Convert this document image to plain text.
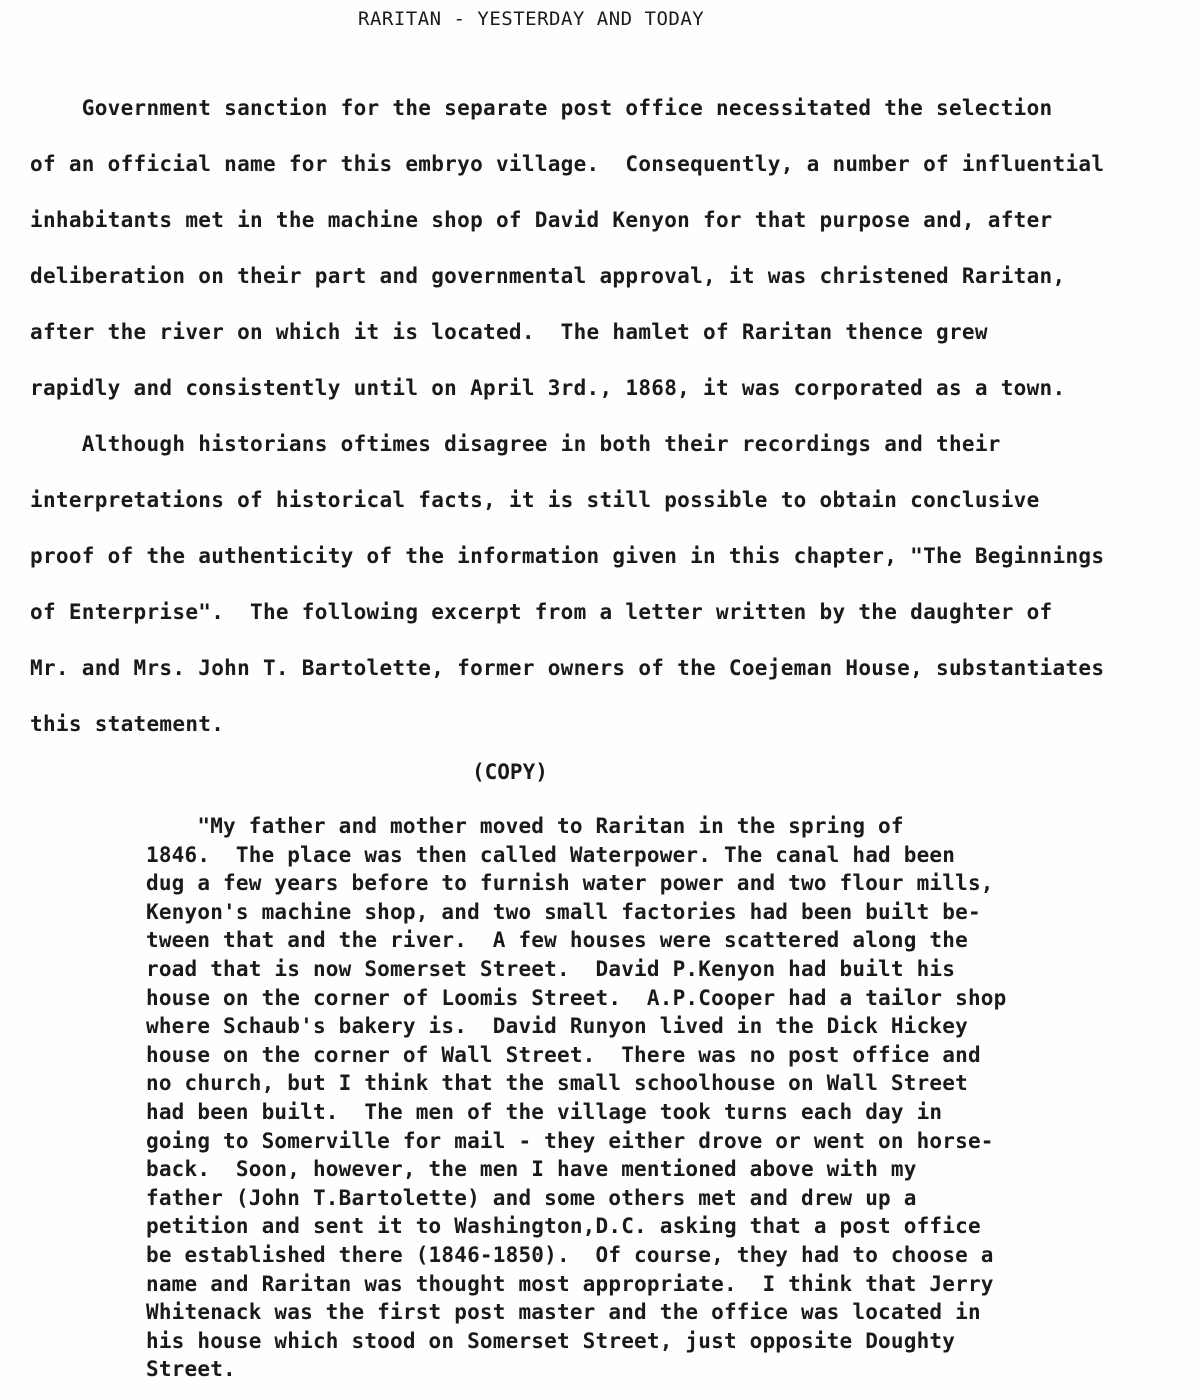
RARITAN - YESTERDAY AND TODAY
Government sanction for the separate post office necessitated the selection
of an official name for this embryo village.  Consequently, a number of influential
inhabitants met in the machine shop of David Kenyon for that purpose and, after
deliberation on their part and governmental approval, it was christened Raritan,
after the river on which it is located.  The hamlet of Raritan thence grew
rapidly and consistently until on April 3rd., 1868, it was corporated as a town.
Although historians oftimes disagree in both their recordings and their
interpretations of historical facts, it is still possible to obtain conclusive
proof of the authenticity of the information given in this chapter, "The Beginnings
of Enterprise".  The following excerpt from a letter written by the daughter of
Mr. and Mrs. John T. Bartolette, former owners of the Coejeman House, substantiates
this statement.
(COPY)
"My father and mother moved to Raritan in the spring of
1846.  The place was then called Waterpower. The canal had been
dug a few years before to furnish water power and two flour mills,
Kenyon's machine shop, and two small factories had been built be-
tween that and the river.  A few houses were scattered along the
road that is now Somerset Street.  David P.Kenyon had built his
house on the corner of Loomis Street.  A.P.Cooper had a tailor shop
where Schaub's bakery is.  David Runyon lived in the Dick Hickey
house on the corner of Wall Street.  There was no post office and
no church, but I think that the small schoolhouse on Wall Street
had been built.  The men of the village took turns each day in
going to Somerville for mail - they either drove or went on horse-
back.  Soon, however, the men I have mentioned above with my
father (John T.Bartolette) and some others met and drew up a
petition and sent it to Washington,D.C. asking that a post office
be established there (1846-1850).  Of course, they had to choose a
name and Raritan was thought most appropriate.  I think that Jerry
Whitenack was the first post master and the office was located in
his house which stood on Somerset Street, just opposite Doughty
Street.
